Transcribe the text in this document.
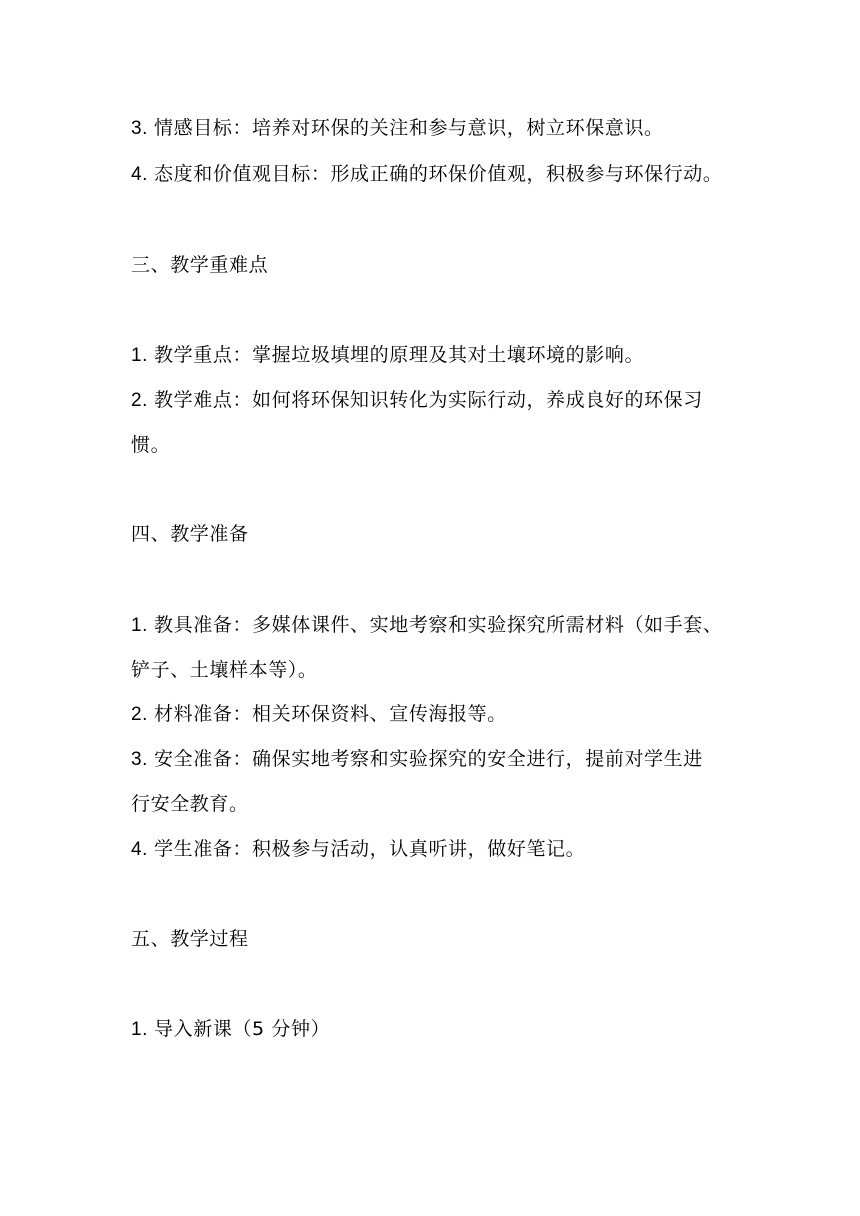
3. 情感目标：培养对环保的关注和参与意识，树立环保意识。
4. 态度和价值观目标：形成正确的环保价值观，积极参与环保行动。
三、教学重难点
1. 教学重点：掌握垃圾填埋的原理及其对土壤环境的影响。
2. 教学难点：如何将环保知识转化为实际行动，养成良好的环保习
惯。
四、教学准备
1. 教具准备：多媒体课件、实地考察和实验探究所需材料（如手套、
铲子、土壤样本等）。
2. 材料准备：相关环保资料、宣传海报等。
3. 安全准备：确保实地考察和实验探究的安全进行，提前对学生进
行安全教育。
4. 学生准备：积极参与活动，认真听讲，做好笔记。
五、教学过程
1. 导入新课（5 分钟）
